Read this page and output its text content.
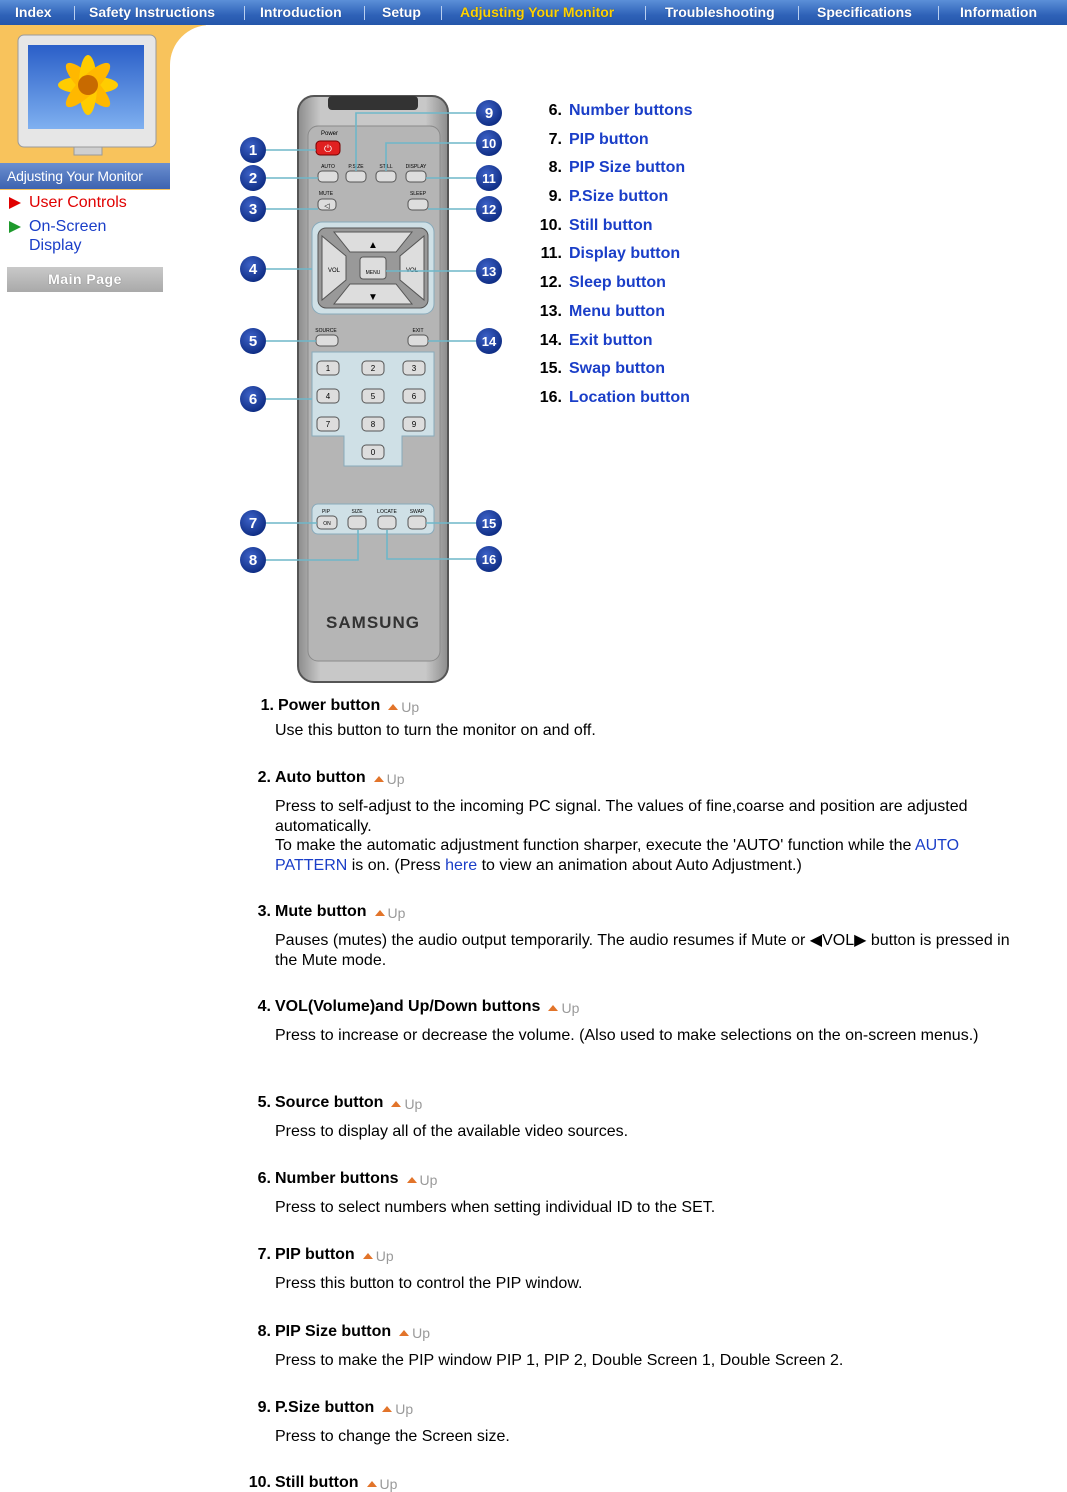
Index	Safety Instructions	Introduction	Setup	Adjusting Your Monitor	Troubleshooting	Specifications	Information
Adjusting Your Monitor
User Controls
On-Screen Display
Main Page
Power
⏻
AUTO	P.SIZE	STILL	DISPLAY
MUTE	SLEEP
◁
▲
▼
VOL	VOL
MENU
SOURCE	EXIT
1	2	3
4	5	6
7	8	9
0
PIP	SIZE	LOCATE	SWAP
ON
SAMSUNG
1
2
3
4
5
6
7
8
9
10
11
12
13
14
15
16
6. Number buttons
7. PIP button
8. PIP Size button
9. P.Size button
10. Still button
11. Display button
12. Sleep button
13. Menu button
14. Exit button
15. Swap button
16. Location button
1. Power button Up
Use this button to turn the monitor on and off.
2. Auto button Up
Press to self-adjust to the incoming PC signal. The values of fine,coarse and position are adjusted automatically.
To make the automatic adjustment function sharper, execute the 'AUTO' function while the AUTO PATTERN is on. (Press here to view an animation about Auto Adjustment.)
3. Mute button Up
Pauses (mutes) the audio output temporarily. The audio resumes if Mute or ◀VOL▶ button is pressed in the Mute mode.
4. VOL(Volume)and Up/Down buttons Up
Press to increase or decrease the volume. (Also used to make selections on the on-screen menus.)
5. Source button Up
Press to display all of the available video sources.
6. Number buttons Up
Press to select numbers when setting individual ID to the SET.
7. PIP button Up
Press this button to control the PIP window.
8. PIP Size button Up
Press to make the PIP window PIP 1, PIP 2, Double Screen 1, Double Screen 2.
9. P.Size button Up
Press to change the Screen size.
10. Still button Up
